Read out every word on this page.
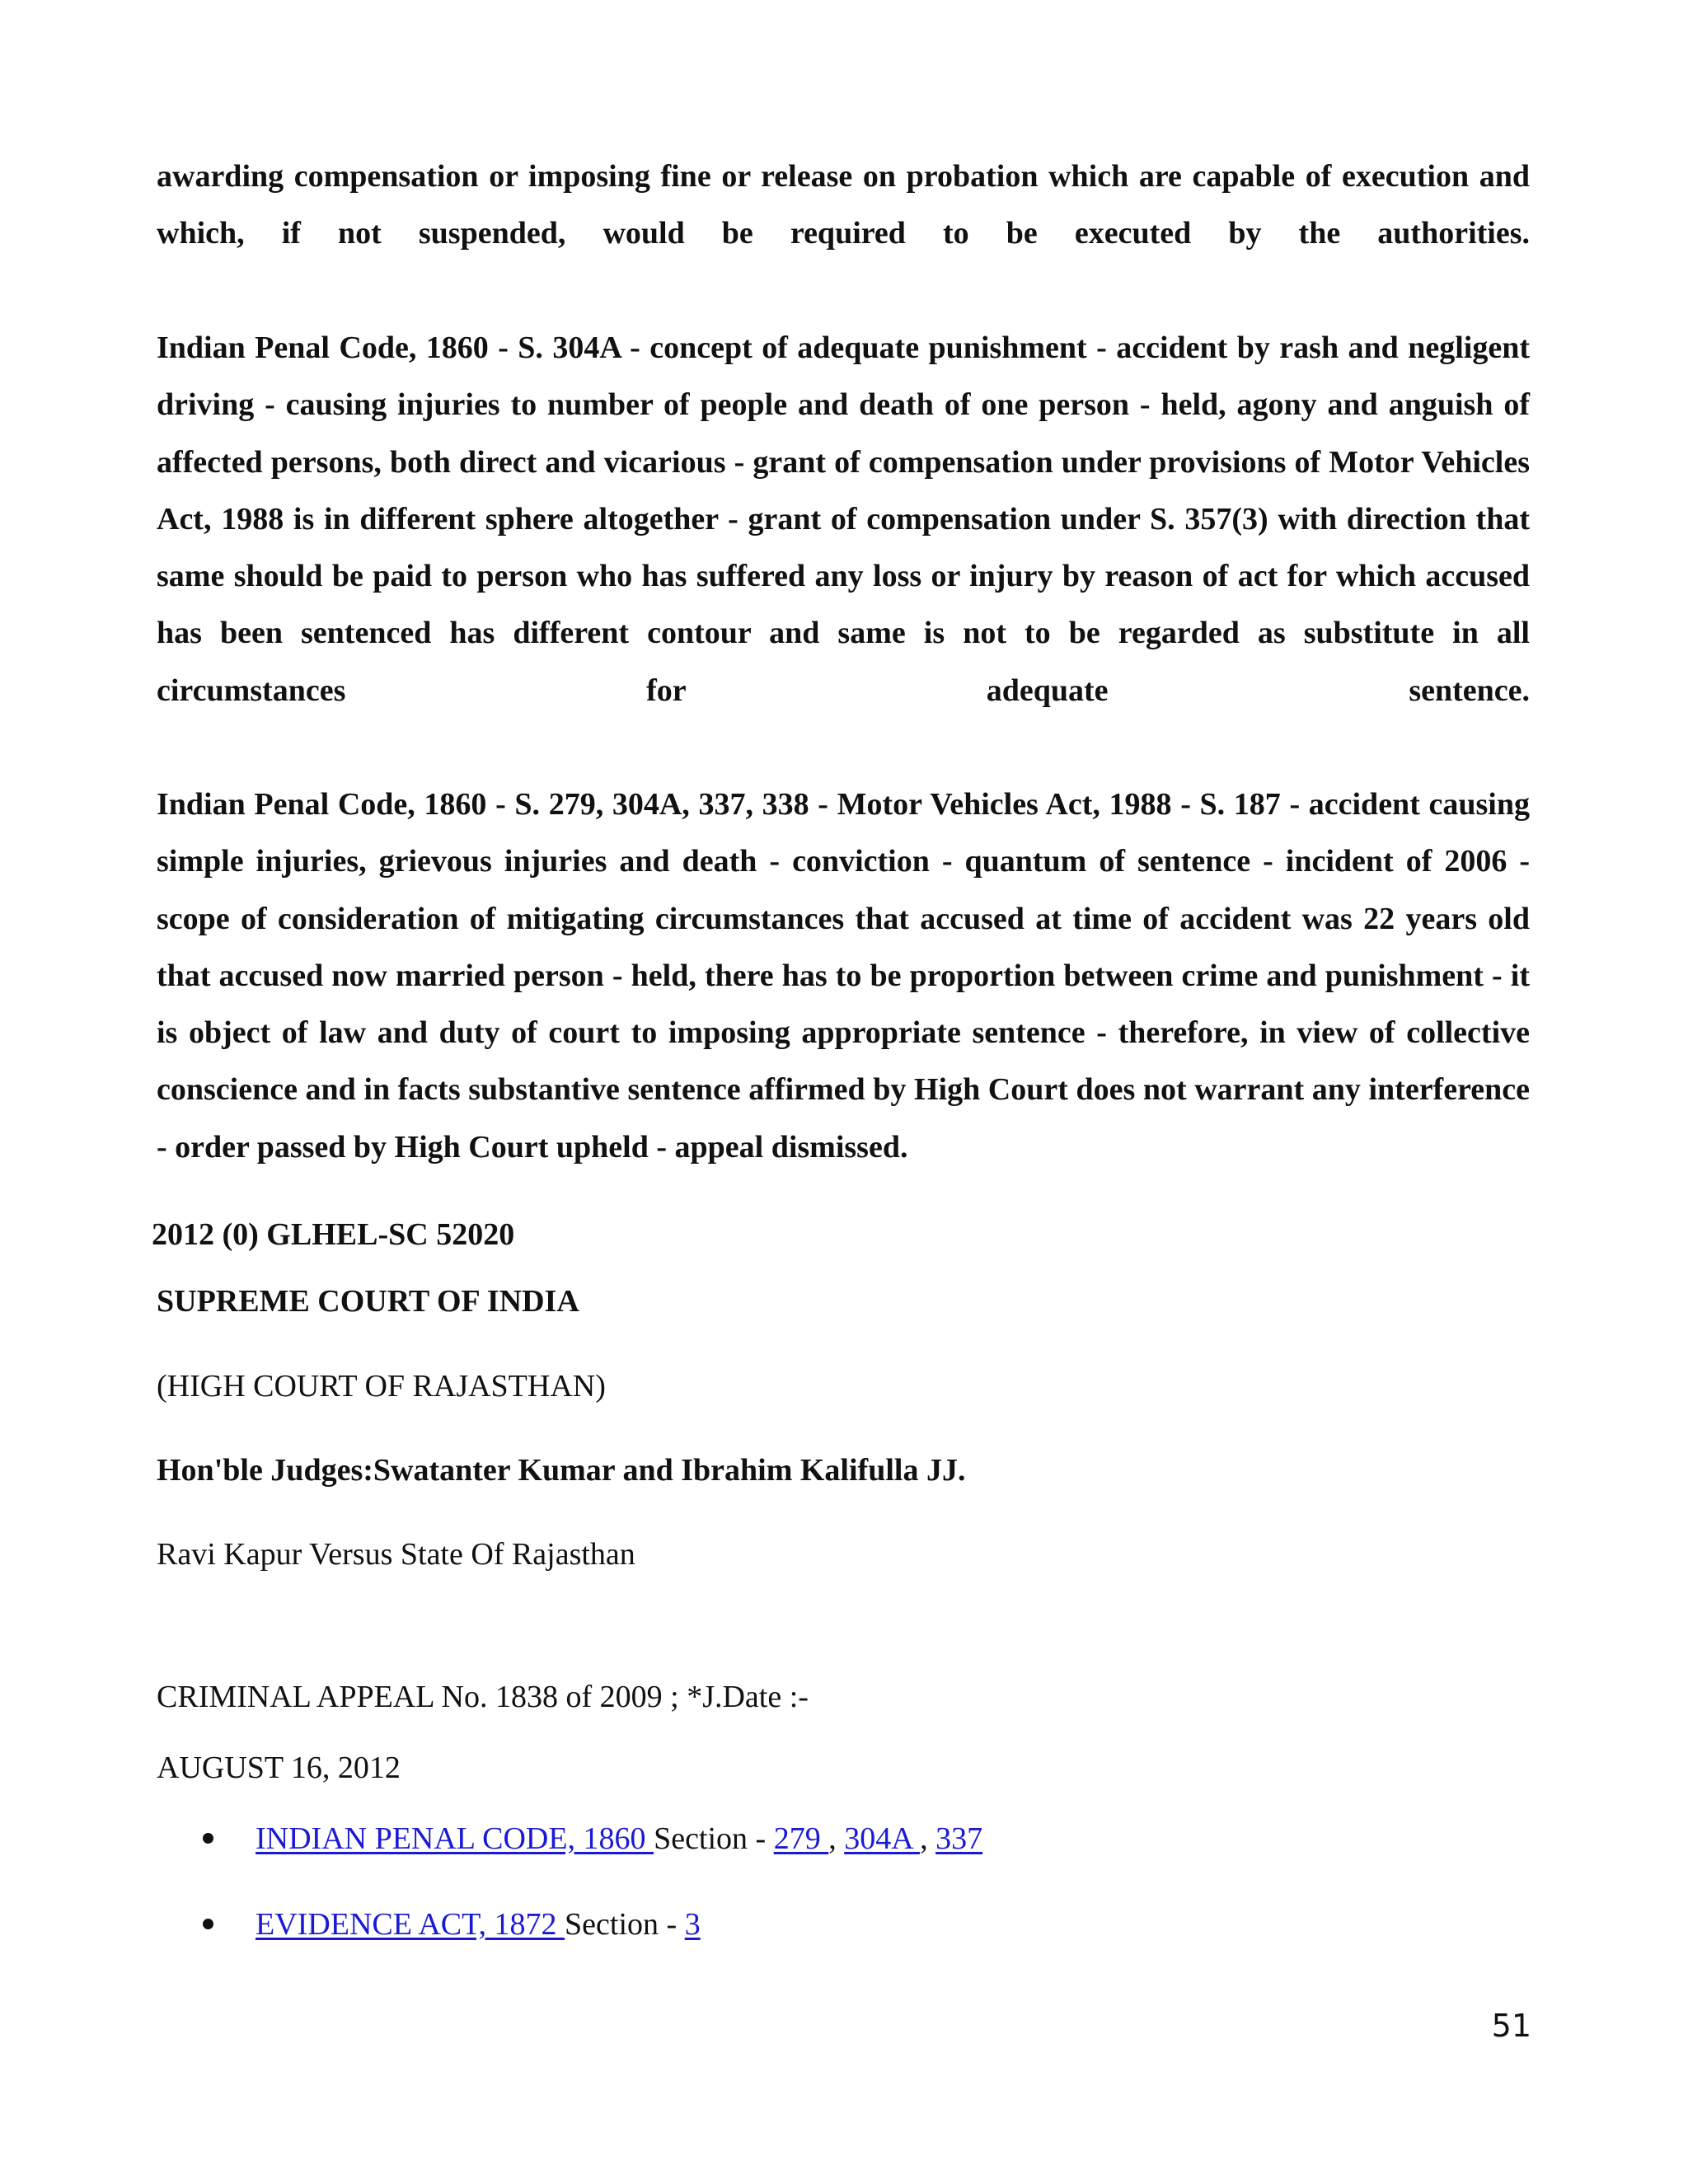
awarding compensation or imposing fine or release on probation which are capable of execution and which, if not suspended, would be required to be executed by the authorities.

Indian Penal Code, 1860 - S. 304A - concept of adequate punishment - accident by rash and negligent driving - causing injuries to number of people and death of one person - held, agony and anguish of affected persons, both direct and vicarious - grant of compensation under provisions of Motor Vehicles Act, 1988 is in different sphere altogether - grant of compensation under S. 357(3) with direction that same should be paid to person who has suffered any loss or injury by reason of act for which accused has been sentenced has different contour and same is not to be regarded as substitute in all circumstances for adequate sentence.

Indian Penal Code, 1860 - S. 279, 304A, 337, 338 - Motor Vehicles Act, 1988 - S. 187 - accident causing simple injuries, grievous injuries and death - conviction - quantum of sentence - incident of 2006 - scope of consideration of mitigating circumstances that accused at time of accident was 22 years old that accused now married person - held, there has to be proportion between crime and punishment - it is object of law and duty of court to imposing appropriate sentence - therefore, in view of collective conscience and in facts substantive sentence affirmed by High Court does not warrant any interference - order passed by High Court upheld - appeal dismissed.

2012 (0) GLHEL-SC 52020
SUPREME COURT OF INDIA
(HIGH COURT OF RAJASTHAN)
Hon'ble Judges:Swatanter Kumar and Ibrahim Kalifulla JJ.
Ravi Kapur Versus State Of Rajasthan
CRIMINAL APPEAL No. 1838 of 2009 ; *J.Date :-
AUGUST 16, 2012
INDIAN PENAL CODE, 1860 Section - 279 , 304A , 337
EVIDENCE ACT, 1872 Section - 3
51
